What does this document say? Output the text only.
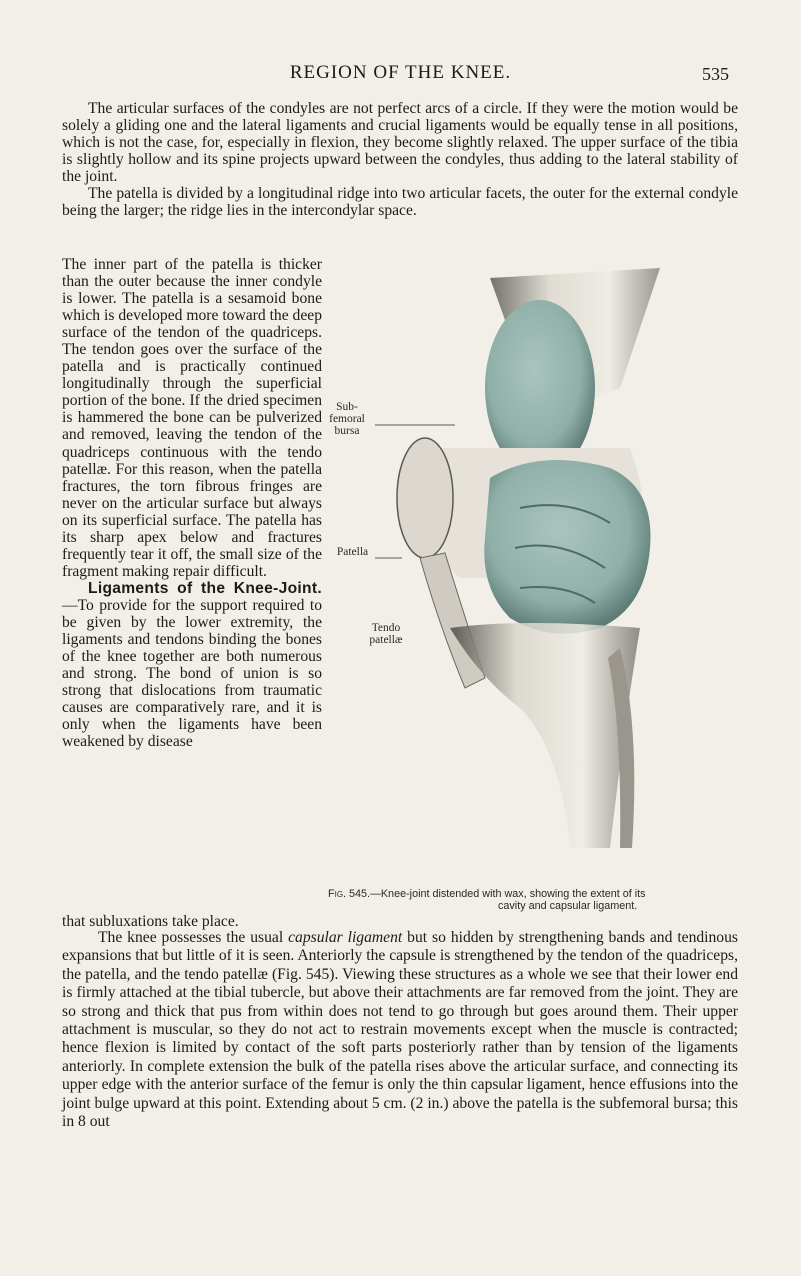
REGION OF THE KNEE.	535

The articular surfaces of the condyles are not perfect arcs of a circle. If they were the motion would be solely a gliding one and the lateral ligaments and crucial ligaments would be equally tense in all positions, which is not the case, for, especially in flexion, they become slightly relaxed. The upper surface of the tibia is slightly hollow and its spine projects upward between the condyles, thus adding to the lateral stability of the joint.

The patella is divided by a longitudinal ridge into two articular facets, the outer for the external condyle being the larger; the ridge lies in the intercondylar space.

The inner part of the patella is thicker than the outer because the inner condyle is lower. The patella is a sesamoid bone which is developed more toward the deep surface of the tendon of the quadriceps. The tendon goes over the surface of the patella and is practically continued longitudinally through the superficial portion of the bone. If the dried specimen is hammered the bone can be pulverized and removed, leaving the tendon of the quadriceps continuous with the tendo patellæ. For this reason, when the patella fractures, the torn fibrous fringes are never on the articular surface but always on its superficial surface. The patella has its sharp apex below and fractures frequently tear it off, the small size of the fragment making repair difficult.

Ligaments of the Knee-Joint.—To provide for the support required to be given by the lower extremity, the ligaments and tendons binding the bones of the knee together are both numerous and strong. The bond of union is so strong that dislocations from traumatic causes are comparatively rare, and it is only when the ligaments have been weakened by disease

that subluxations take place.

Sub-
femoral
bursa
Patella
Tendo
patellæ

Fig. 545.—Knee-joint distended with wax, showing the extent of its
cavity and capsular ligament.

The knee possesses the usual capsular ligament but so hidden by strengthening bands and tendinous expansions that but little of it is seen. Anteriorly the capsule is strengthened by the tendon of the quadriceps, the patella, and the tendo patellæ (Fig. 545). Viewing these structures as a whole we see that their lower end is firmly attached at the tibial tubercle, but above their attachments are far removed from the joint. They are so strong and thick that pus from within does not tend to go through but goes around them. Their upper attachment is muscular, so they do not act to restrain movements except when the muscle is contracted; hence flexion is limited by contact of the soft parts posteriorly rather than by tension of the ligaments anteriorly. In complete extension the bulk of the patella rises above the articular surface, and connecting its upper edge with the anterior surface of the femur is only the thin capsular ligament, hence effusions into the joint bulge upward at this point. Extending about 5 cm. (2 in.) above the patella is the subfemoral bursa; this in 8 out
